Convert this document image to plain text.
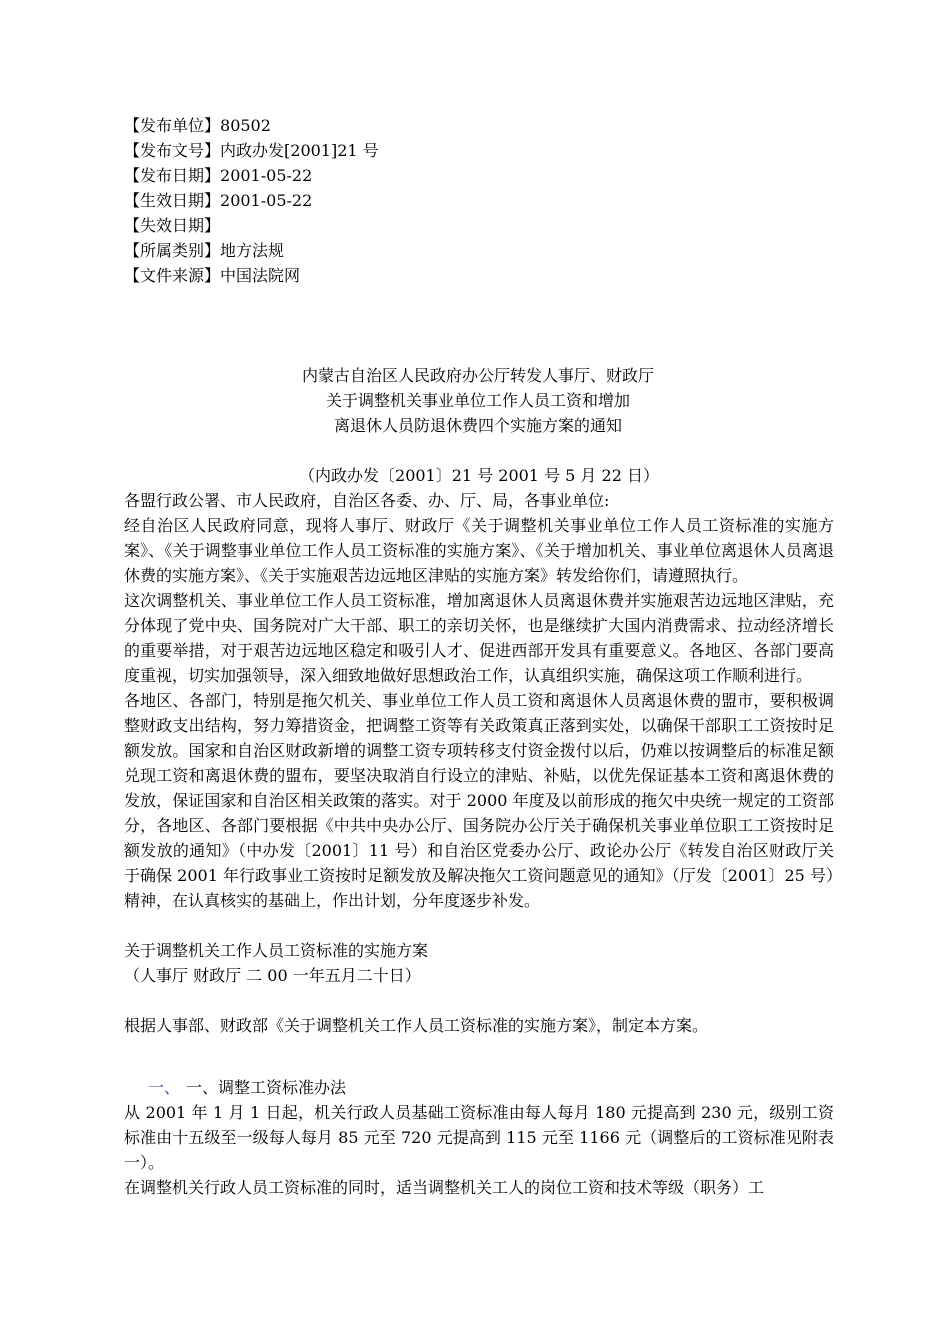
【发布单位】80502
【发布文号】内政办发[2001]21 号
【发布日期】2001-05-22
【生效日期】2001-05-22
【失效日期】
【所属类别】地方法规
【文件来源】中国法院网
内蒙古自治区人民政府办公厅转发人事厅、财政厅
关于调整机关事业单位工作人员工资和增加
离退休人员防退休费四个实施方案的通知
（内政办发〔2001〕21 号 2001 号 5 月 22 日）
各盟行政公署、市人民政府，自治区各委、办、厅、局，各事业单位:
经自治区人民政府同意，现将人事厅、财政厅《关于调整机关事业单位工作人员工资标准的实施方案》、《关于调整事业单位工作人员工资标准的实施方案》、《关于增加机关、事业单位离退休人员离退休费的实施方案》、《关于实施艰苦边远地区津贴的实施方案》转发给你们，请遵照执行。
这次调整机关、事业单位工作人员工资标准，增加离退休人员离退休费并实施艰苦边远地区津贴，充分体现了党中央、国务院对广大干部、职工的亲切关怀，也是继续扩大国内消费需求、拉动经济增长的重要举措，对于艰苦边远地区稳定和吸引人才、促进西部开发具有重要意义。各地区、各部门要高度重视，切实加强领导，深入细致地做好思想政治工作，认真组织实施，确保这项工作顺利进行。
各地区、各部门，特别是拖欠机关、事业单位工作人员工资和离退休人员离退休费的盟市，要积极调整财政支出结构，努力筹措资金，把调整工资等有关政策真正落到实处，以确保干部职工工资按时足额发放。国家和自治区财政新增的调整工资专项转移支付资金拨付以后，仍难以按调整后的标准足额兑现工资和离退休费的盟布，要坚决取消自行设立的津贴、补贴，以优先保证基本工资和离退休费的发放，保证国家和自治区相关政策的落实。对于 2000 年度及以前形成的拖欠中央统一规定的工资部分，各地区、各部门要根据《中共中央办公厅、国务院办公厅关于确保机关事业单位职工工资按时足额发放的通知》（中办发〔2001〕11 号）和自治区党委办公厅、政论办公厅《转发自治区财政厅关于确保 2001 年行政事业工资按时足额发放及解决拖欠工资问题意见的通知》（厅发〔2001〕25 号）精神，在认真核实的基础上，作出计划，分年度逐步补发。
关于调整机关工作人员工资标准的实施方案
（人事厅 财政厅 二 00 一年五月二十日）
根据人事部、财政部《关于调整机关工作人员工资标准的实施方案》，制定本方案。
一、 一、调整工资标准办法
从 2001 年 1 月 1 日起，机关行政人员基础工资标准由每人每月 180 元提高到 230 元，级别工资标准由十五级至一级每人每月 85 元至 720 元提高到 115 元至 1166 元（调整后的工资标准见附表一）。
在调整机关行政人员工资标准的同时，适当调整机关工人的岗位工资和技术等级（职务）工
